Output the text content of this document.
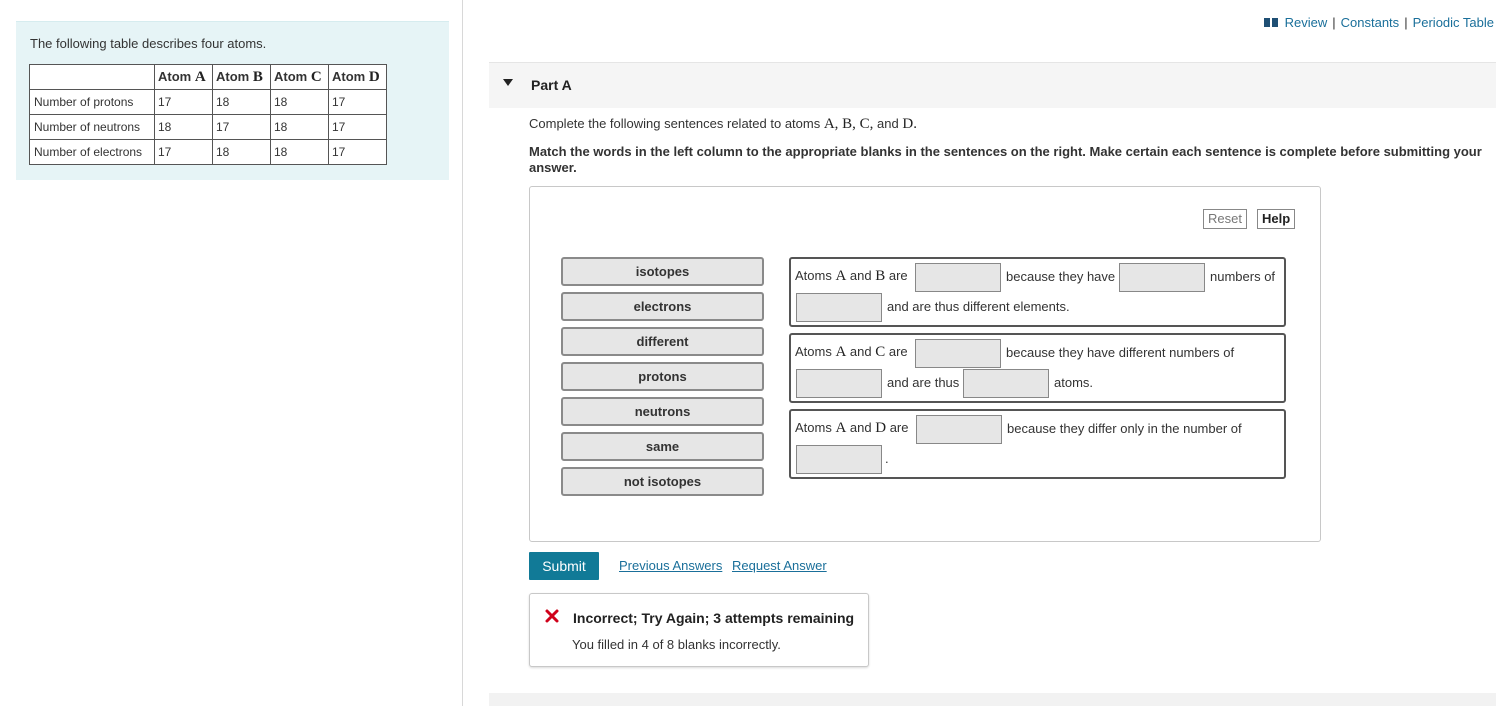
The following table describes four atoms.
	Atom A	Atom B	Atom C	Atom D
Number of protons	17	18	18	17
Number of neutrons	18	17	18	17
Number of electrons	17	18	18	17
Review | Constants | Periodic Table
Part A
Complete the following sentences related to atoms A, B, C, and D.
Match the words in the left column to the appropriate blanks in the sentences on the right. Make certain each sentence is complete before submitting your answer.
Reset	Help
isotopes
electrons
different
protons
neutrons
same
not isotopes
Atoms A and B are	because they have	numbers of
and are thus different elements.
Atoms A and C are	because they have different numbers of
and are thus	atoms.
Atoms A and D are	because they differ only in the number of
.
Submit	Previous Answers Request Answer
Incorrect; Try Again; 3 attempts remaining
You filled in 4 of 8 blanks incorrectly.
